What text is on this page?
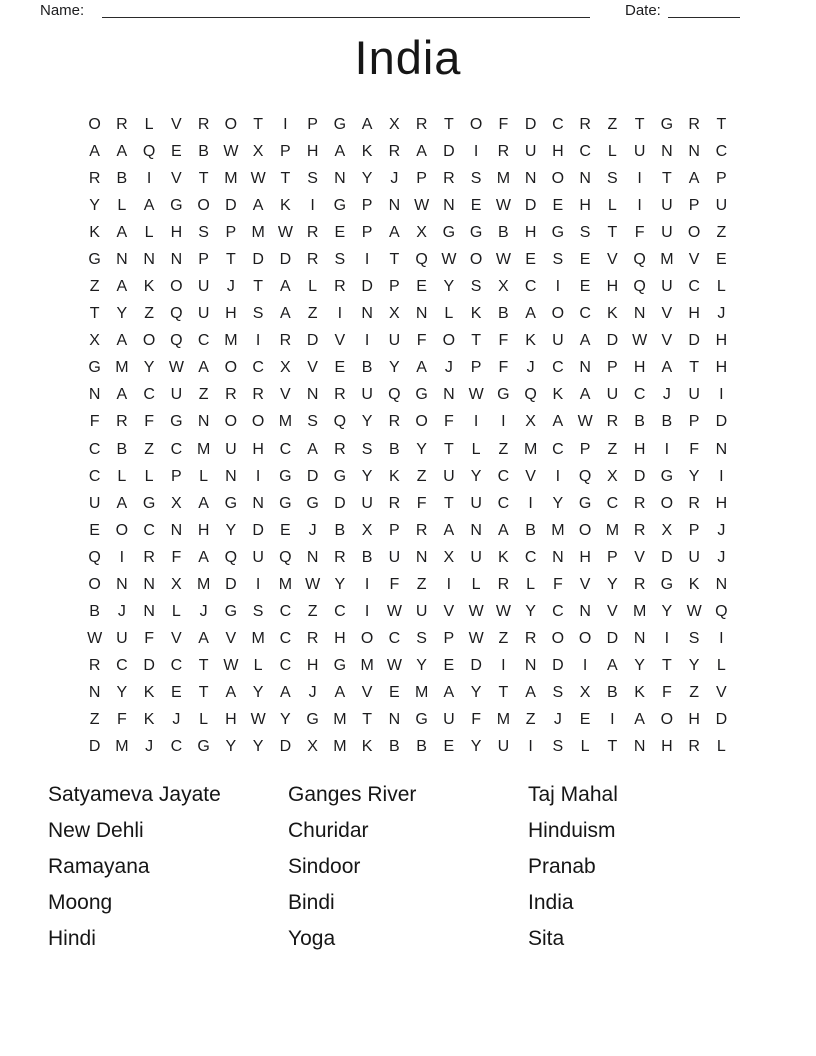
Name:	Date:
India
O R	L	V	R O	T	I	P G A	X	R	T	O	F	D C R	Z	T	G R	T
A	A Q E	B W X	P	H	A	K	R	A	D	I	R U H C	L	U N N C
R	B	I	V	T M W T	S	N	Y	J	P	R	S M N O N	S	I	T	A	P
Y	L	A G O D	A	K	I	G P	N W N	E W D	E	H	L	I	U	P	U
K	A	L	H	S	P M W R	E	P	A	X G G B	H G S	T	F	U O	Z
G N N N	P	T	D D R	S	I	T	Q W O W E	S	E	V Q M V	E
Z	A	K O U	J	T	A	L	R D	P	E	Y	S	X	C	I	E	H Q U C	L
T	Y	Z	Q U H	S	A	Z	I	N	X	N	L	K	B	A O C	K	N	V	H	J
X	A O Q C M	I	R D	V	I	U	F	O	T	F	K	U	A	D W V	D H
G M Y W A O C	X	V	E	B	Y	A	J	P	F	J	C N	P	H	A	T	H
N	A	C U	Z	R R	V	N R U Q G N W G Q K	A	U C	J	U	I
F	R	F	G N O O M S Q Y	R O	F	I	I	X	A W R	B	B	P	D
C	B	Z	C M U H C	A	R	S	B	Y	T	L	Z M C	P	Z	H	I	F	N
C	L	L	P	L	N	I	G D G Y	K	Z	U	Y	C	V	I	Q X	D G Y	I
U	A G X	A G N G G D U R	F	T	U C	I	Y G C R O R H
E O C N H	Y	D	E	J	B	X	P	R	A	N	A	B M O M R	X	P	J
Q	I	R	F	A Q U Q N R	B	U N	X	U	K	C N H	P	V	D U	J
O N N	X M D	I	M W Y	I	F	Z	I	L	R	L	F	V	Y	R G K	N
B	J	N	L	J	G S	C	Z	C	I	W U	V W W Y	C N	V M Y W Q
W U	F	V	A	V M C R H O C	S	P W Z	R O O D N	I	S	I
R C D C	T W L	C H G M W Y	E	D	I	N D	I	A	Y	T	Y	L
N	Y	K	E	T	A	Y	A	J	A	V	E M A	Y	T	A	S	X	B	K	F	Z	V
Z	F	K	J	L	H W Y G M T	N G U	F M Z	J	E	I	A O H D
D M	J	C G Y	Y	D	X M K	B	B	E	Y	U	I	S	L	T	N H R	L
Satyameva Jayate
New Dehli
Ramayana
Moong
Hindi
Ganges River
Churidar
Sindoor
Bindi
Yoga
Taj Mahal
Hinduism
Pranab
India
Sita
